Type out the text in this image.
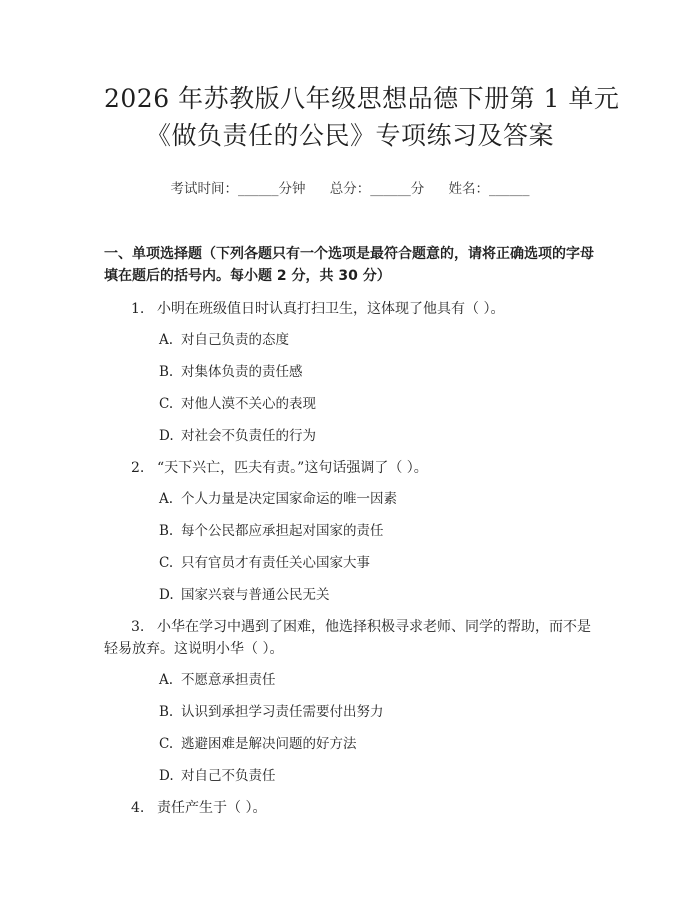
2026 年苏教版八年级思想品德下册第 1 单元
《做负责任的公民》专项练习及答案
考试时间：______分钟 总分：______分 姓名：______
一、单项选择题（下列各题只有一个选项是最符合题意的，请将正确选项的字母填在题后的括号内。每小题 2 分，共 30 分）
1. 小明在班级值日时认真打扫卫生，这体现了他具有（ ）。
A. 对自己负责的态度
B. 对集体负责的责任感
C. 对他人漠不关心的表现
D. 对社会不负责任的行为
2. “天下兴亡，匹夫有责。”这句话强调了（ ）。
A. 个人力量是决定国家命运的唯一因素
B. 每个公民都应承担起对国家的责任
C. 只有官员才有责任关心国家大事
D. 国家兴衰与普通公民无关
3. 小华在学习中遇到了困难，他选择积极寻求老师、同学的帮助，而不是轻易放弃。这说明小华（ ）。
A. 不愿意承担责任
B. 认识到承担学习责任需要付出努力
C. 逃避困难是解决问题的好方法
D. 对自己不负责任
4. 责任产生于（ ）。
